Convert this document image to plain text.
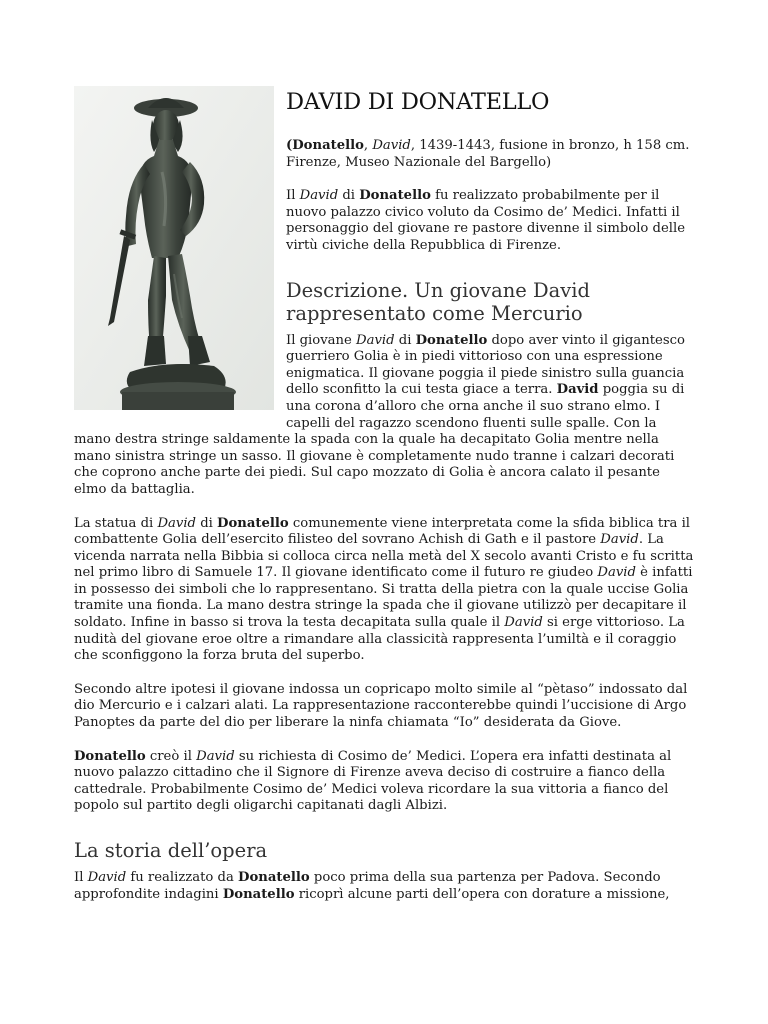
DAVID DI DONATELLO

(Donatello, David, 1439-1443, fusione in bronzo, h 158 cm. Firenze, Museo Nazionale del Bargello)

Il David di Donatello fu realizzato probabilmente per il nuovo palazzo civico voluto da Cosimo de’ Medici. Infatti il personaggio del giovane re pastore divenne il simbolo delle virtù civiche della Repubblica di Firenze.

Descrizione. Un giovane David rappresentato come Mercurio

Il giovane David di Donatello dopo aver vinto il gigantesco guerriero Golia è in piedi vittorioso con una espressione enigmatica. Il giovane poggia il piede sinistro sulla guancia dello sconfitto la cui testa giace a terra. David poggia su di una corona d’alloro che orna anche il suo strano elmo. I capelli del ragazzo scendono fluenti sulle spalle. Con la mano destra stringe saldamente la spada con la quale ha decapitato Golia mentre nella mano sinistra stringe un sasso. Il giovane è completamente nudo tranne i calzari decorati che coprono anche parte dei piedi. Sul capo mozzato di Golia è ancora calato il pesante elmo da battaglia.

La statua di David di Donatello comunemente viene interpretata come la sfida biblica tra il combattente Golia dell’esercito filisteo del sovrano Achish di Gath e il pastore David. La vicenda narrata nella Bibbia si colloca circa nella metà del X secolo avanti Cristo e fu scritta nel primo libro di Samuele 17. Il giovane identificato come il futuro re giudeo David è infatti in possesso dei simboli che lo rappresentano. Si tratta della pietra con la quale uccise Golia tramite una fionda. La mano destra stringe la spada che il giovane utilizzò per decapitare il soldato. Infine in basso si trova la testa decapitata sulla quale il David si erge vittorioso. La nudità del giovane eroe oltre a rimandare alla classicità rappresenta l’umiltà e il coraggio che sconfiggono la forza bruta del superbo.

Secondo altre ipotesi il giovane indossa un copricapo molto simile al “pètaso” indossato dal dio Mercurio e i calzari alati. La rappresentazione racconterebbe quindi l’uccisione di Argo Panoptes da parte del dio per liberare la ninfa chiamata “Io” desiderata da Giove.

Donatello creò il David su richiesta di Cosimo de’ Medici. L’opera era infatti destinata al nuovo palazzo cittadino che il Signore di Firenze aveva deciso di costruire a fianco della cattedrale. Probabilmente Cosimo de’ Medici voleva ricordare la sua vittoria a fianco del popolo sul partito degli oligarchi capitanati dagli Albizi.

La storia dell’opera

Il David fu realizzato da Donatello poco prima della sua partenza per Padova. Secondo approfondite indagini Donatello ricoprì alcune parti dell’opera con dorature a missione,
